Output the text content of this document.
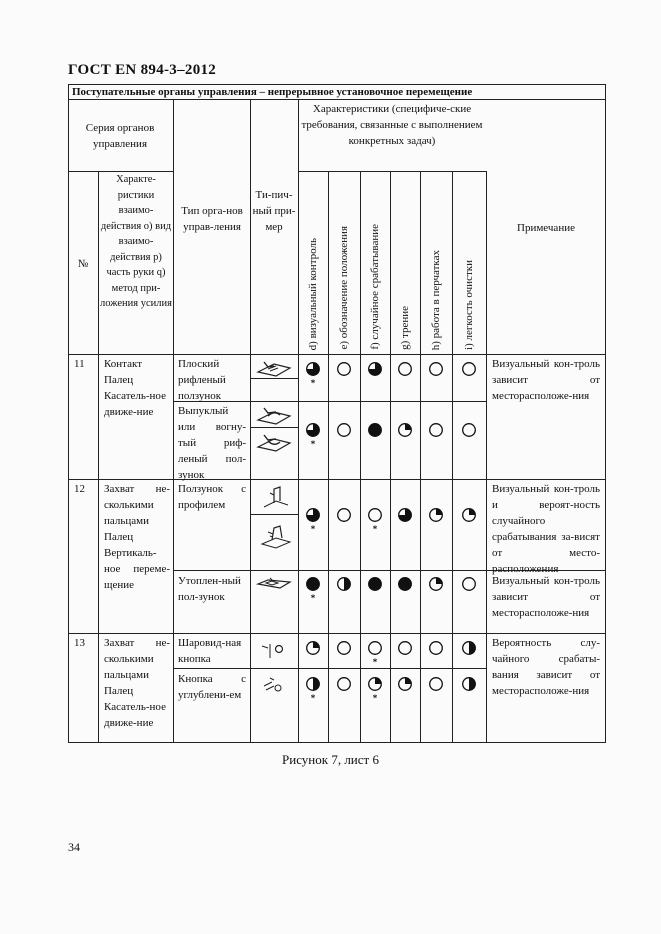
ГОСТ EN 894-3–2012
Поступательные органы управления – непрерывное установочное перемещение
Серия органов управления
№
Характе-ристики взаимо-действия о) вид взаимо-действия р) часть руки q) метод при-ложения усилия
Тип орга-нов управ-ления
Ти-пич-ный при-мер
Характеристики (специфиче-ские требования, связанные с выполнением конкретных задач)
Примечание
d) визуальный контроль e) обозначение положения f) случайное срабатывание g) трение h) работа в перчатках i) легкость очистки
11 Контакт Палец Касатель-ное движе-ние
Плоский рифленый ползунок
Выпуклый или вогну-тый риф-леный пол-зунок
Визуальный кон-троль зависит от месторасположе-ния
12 Захват не-сколькими пальцами Палец Вертикаль-ное переме-щение
Ползунок с профилем
Утоплен-ный пол-зунок
Визуальный кон-троль и вероят-ность случайного срабатывания за-висят от место-расположения
Визуальный кон-троль зависит от месторасположе-ния
13 Захват не-сколькими пальцами Палец Касатель-ное движе-ние
Шаровид-ная кнопка
Кнопка с углублени-ем
Вероятность слу-чайного срабаты-вания зависит от месторасположе-ния
*
*
*	*
*
*
*	*
Рисунок 7, лист 6
34
